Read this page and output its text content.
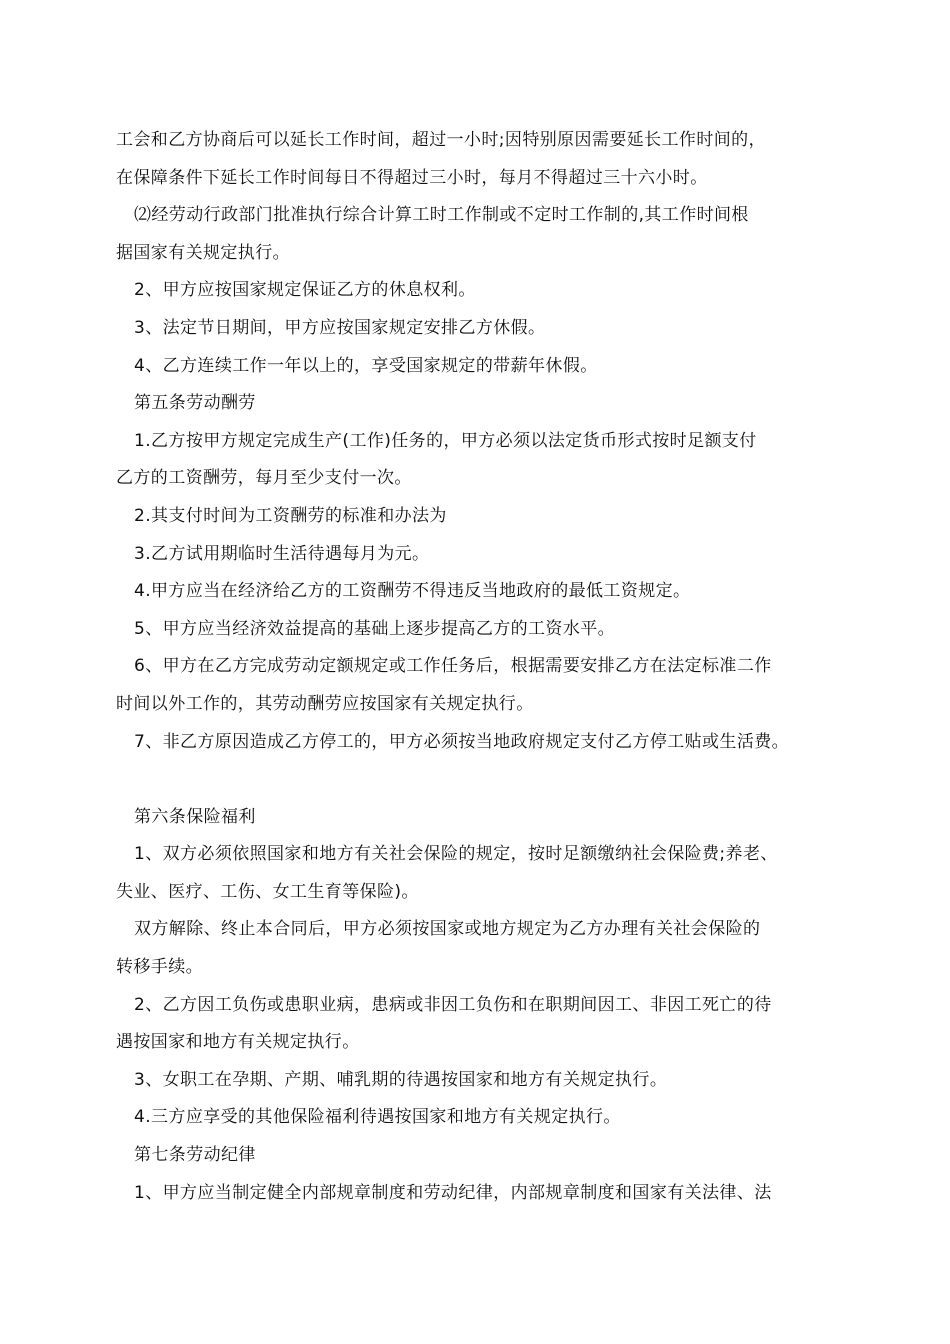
工会和乙方协商后可以延长工作时间，超过一小时;因特别原因需要延长工作时间的，
在保障条件下延长工作时间每日不得超过三小时，每月不得超过三十六小时。
⑵经劳动行政部门批准执行综合计算工时工作制或不定时工作制的,其工作时间根
据国家有关规定执行。
2、甲方应按国家规定保证乙方的休息权利。
3、法定节日期间，甲方应按国家规定安排乙方休假。
4、乙方连续工作一年以上的，享受国家规定的带薪年休假。
第五条劳动酬劳
1.乙方按甲方规定完成生产(工作)任务的，甲方必须以法定货币形式按时足额支付
乙方的工资酬劳，每月至少支付一次。
2.其支付时间为工资酬劳的标准和办法为
3.乙方试用期临时生活待遇每月为元。
4.甲方应当在经济给乙方的工资酬劳不得违反当地政府的最低工资规定。
5、甲方应当经济效益提高的基础上逐步提高乙方的工资水平。
6、甲方在乙方完成劳动定额规定或工作任务后，根据需要安排乙方在法定标准二作
时间以外工作的，其劳动酬劳应按国家有关规定执行。
7、非乙方原因造成乙方停工的，甲方必须按当地政府规定支付乙方停工贴或生活费。
第六条保险福利
1、双方必须依照国家和地方有关社会保险的规定，按时足额缴纳社会保险费;养老、
失业、医疗、工伤、女工生育等保险)。
双方解除、终止本合同后，甲方必须按国家或地方规定为乙方办理有关社会保险的
转移手续。
2、乙方因工负伤或患职业病，患病或非因工负伤和在职期间因工、非因工死亡的待
遇按国家和地方有关规定执行。
3、女职工在孕期、产期、哺乳期的待遇按国家和地方有关规定执行。
4.三方应享受的其他保险福利待遇按国家和地方有关规定执行。
第七条劳动纪律
1、甲方应当制定健全内部规章制度和劳动纪律，内部规章制度和国家有关法律、法
